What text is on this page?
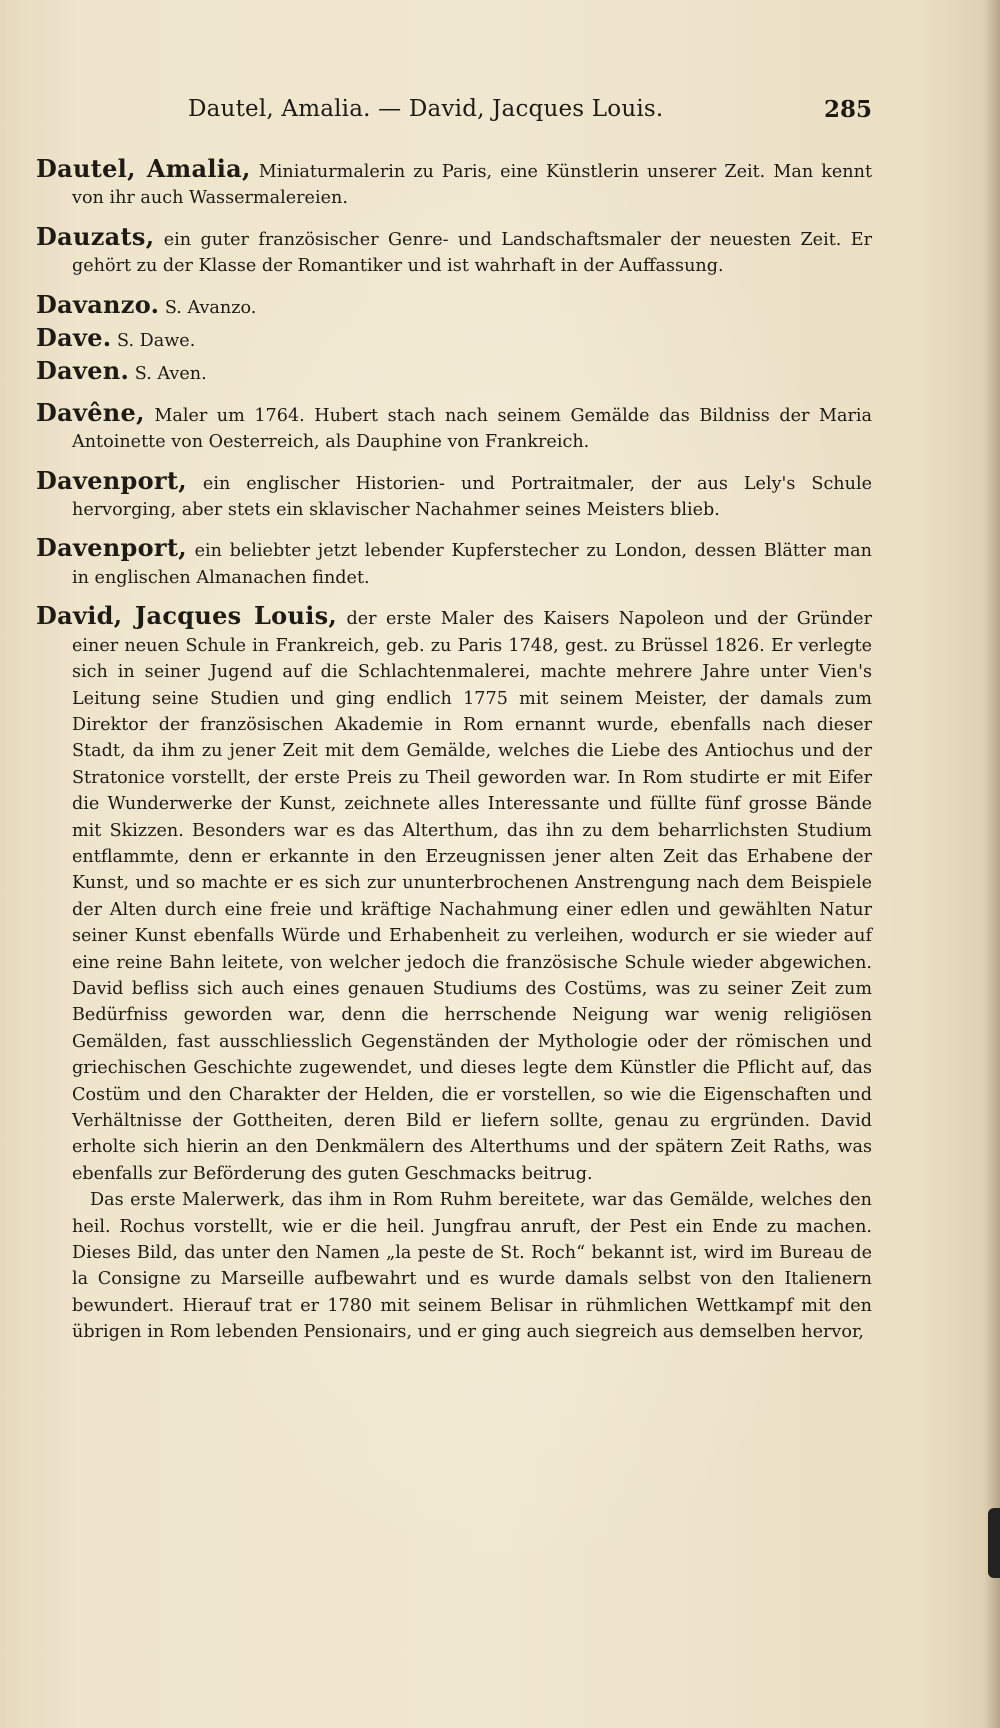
Dautel, Amalia. — David, Jacques Louis.	285

Dautel, Amalia, Miniaturmalerin zu Paris, eine Künstlerin unserer Zeit. Man kennt von ihr auch Wassermalereien.

Dauzats, ein guter französischer Genre- und Landschaftsmaler der neuesten Zeit. Er gehört zu der Klasse der Romantiker und ist wahrhaft in der Auffassung.

Davanzo. S. Avanzo.

Dave. S. Dawe.

Daven. S. Aven.

Davêne, Maler um 1764. Hubert stach nach seinem Gemälde das Bildniss der Maria Antoinette von Oesterreich, als Dauphine von Frankreich.

Davenport, ein englischer Historien- und Portraitmaler, der aus Lely's Schule hervorging, aber stets ein sklavischer Nachahmer seines Meisters blieb.

Davenport, ein beliebter jetzt lebender Kupferstecher zu London, dessen Blätter man in englischen Almanachen findet.

David, Jacques Louis, der erste Maler des Kaisers Napoleon und der Gründer einer neuen Schule in Frankreich, geb. zu Paris 1748, gest. zu Brüssel 1826. Er verlegte sich in seiner Jugend auf die Schlachtenmalerei, machte mehrere Jahre unter Vien's Leitung seine Studien und ging endlich 1775 mit seinem Meister, der damals zum Direktor der französischen Akademie in Rom ernannt wurde, ebenfalls nach dieser Stadt, da ihm zu jener Zeit mit dem Gemälde, welches die Liebe des Antiochus und der Stratonice vorstellt, der erste Preis zu Theil geworden war. In Rom studirte er mit Eifer die Wunderwerke der Kunst, zeichnete alles Interessante und füllte fünf grosse Bände mit Skizzen. Besonders war es das Alterthum, das ihn zu dem beharrlichsten Studium entflammte, denn er erkannte in den Erzeugnissen jener alten Zeit das Erhabene der Kunst, und so machte er es sich zur ununterbrochenen Anstrengung nach dem Beispiele der Alten durch eine freie und kräftige Nachahmung einer edlen und gewählten Natur seiner Kunst ebenfalls Würde und Erhabenheit zu verleihen, wodurch er sie wieder auf eine reine Bahn leitete, von welcher jedoch die französische Schule wieder abgewichen. David befliss sich auch eines genauen Studiums des Costüms, was zu seiner Zeit zum Bedürfniss geworden war, denn die herrschende Neigung war wenig religiösen Gemälden, fast ausschliesslich Gegenständen der Mythologie oder der römischen und griechischen Geschichte zugewendet, und dieses legte dem Künstler die Pflicht auf, das Costüm und den Charakter der Helden, die er vorstellen, so wie die Eigenschaften und Verhältnisse der Gottheiten, deren Bild er liefern sollte, genau zu ergründen. David erholte sich hierin an den Denkmälern des Alterthums und der spätern Zeit Raths, was ebenfalls zur Beförderung des guten Geschmacks beitrug.

Das erste Malerwerk, das ihm in Rom Ruhm bereitete, war das Gemälde, welches den heil. Rochus vorstellt, wie er die heil. Jungfrau anruft, der Pest ein Ende zu machen. Dieses Bild, das unter den Namen „la peste de St. Roch“ bekannt ist, wird im Bureau de la Consigne zu Marseille aufbewahrt und es wurde damals selbst von den Italienern bewundert. Hierauf trat er 1780 mit seinem Belisar in rühmlichen Wettkampf mit den übrigen in Rom lebenden Pensionairs, und er ging auch siegreich aus demselben hervor,
